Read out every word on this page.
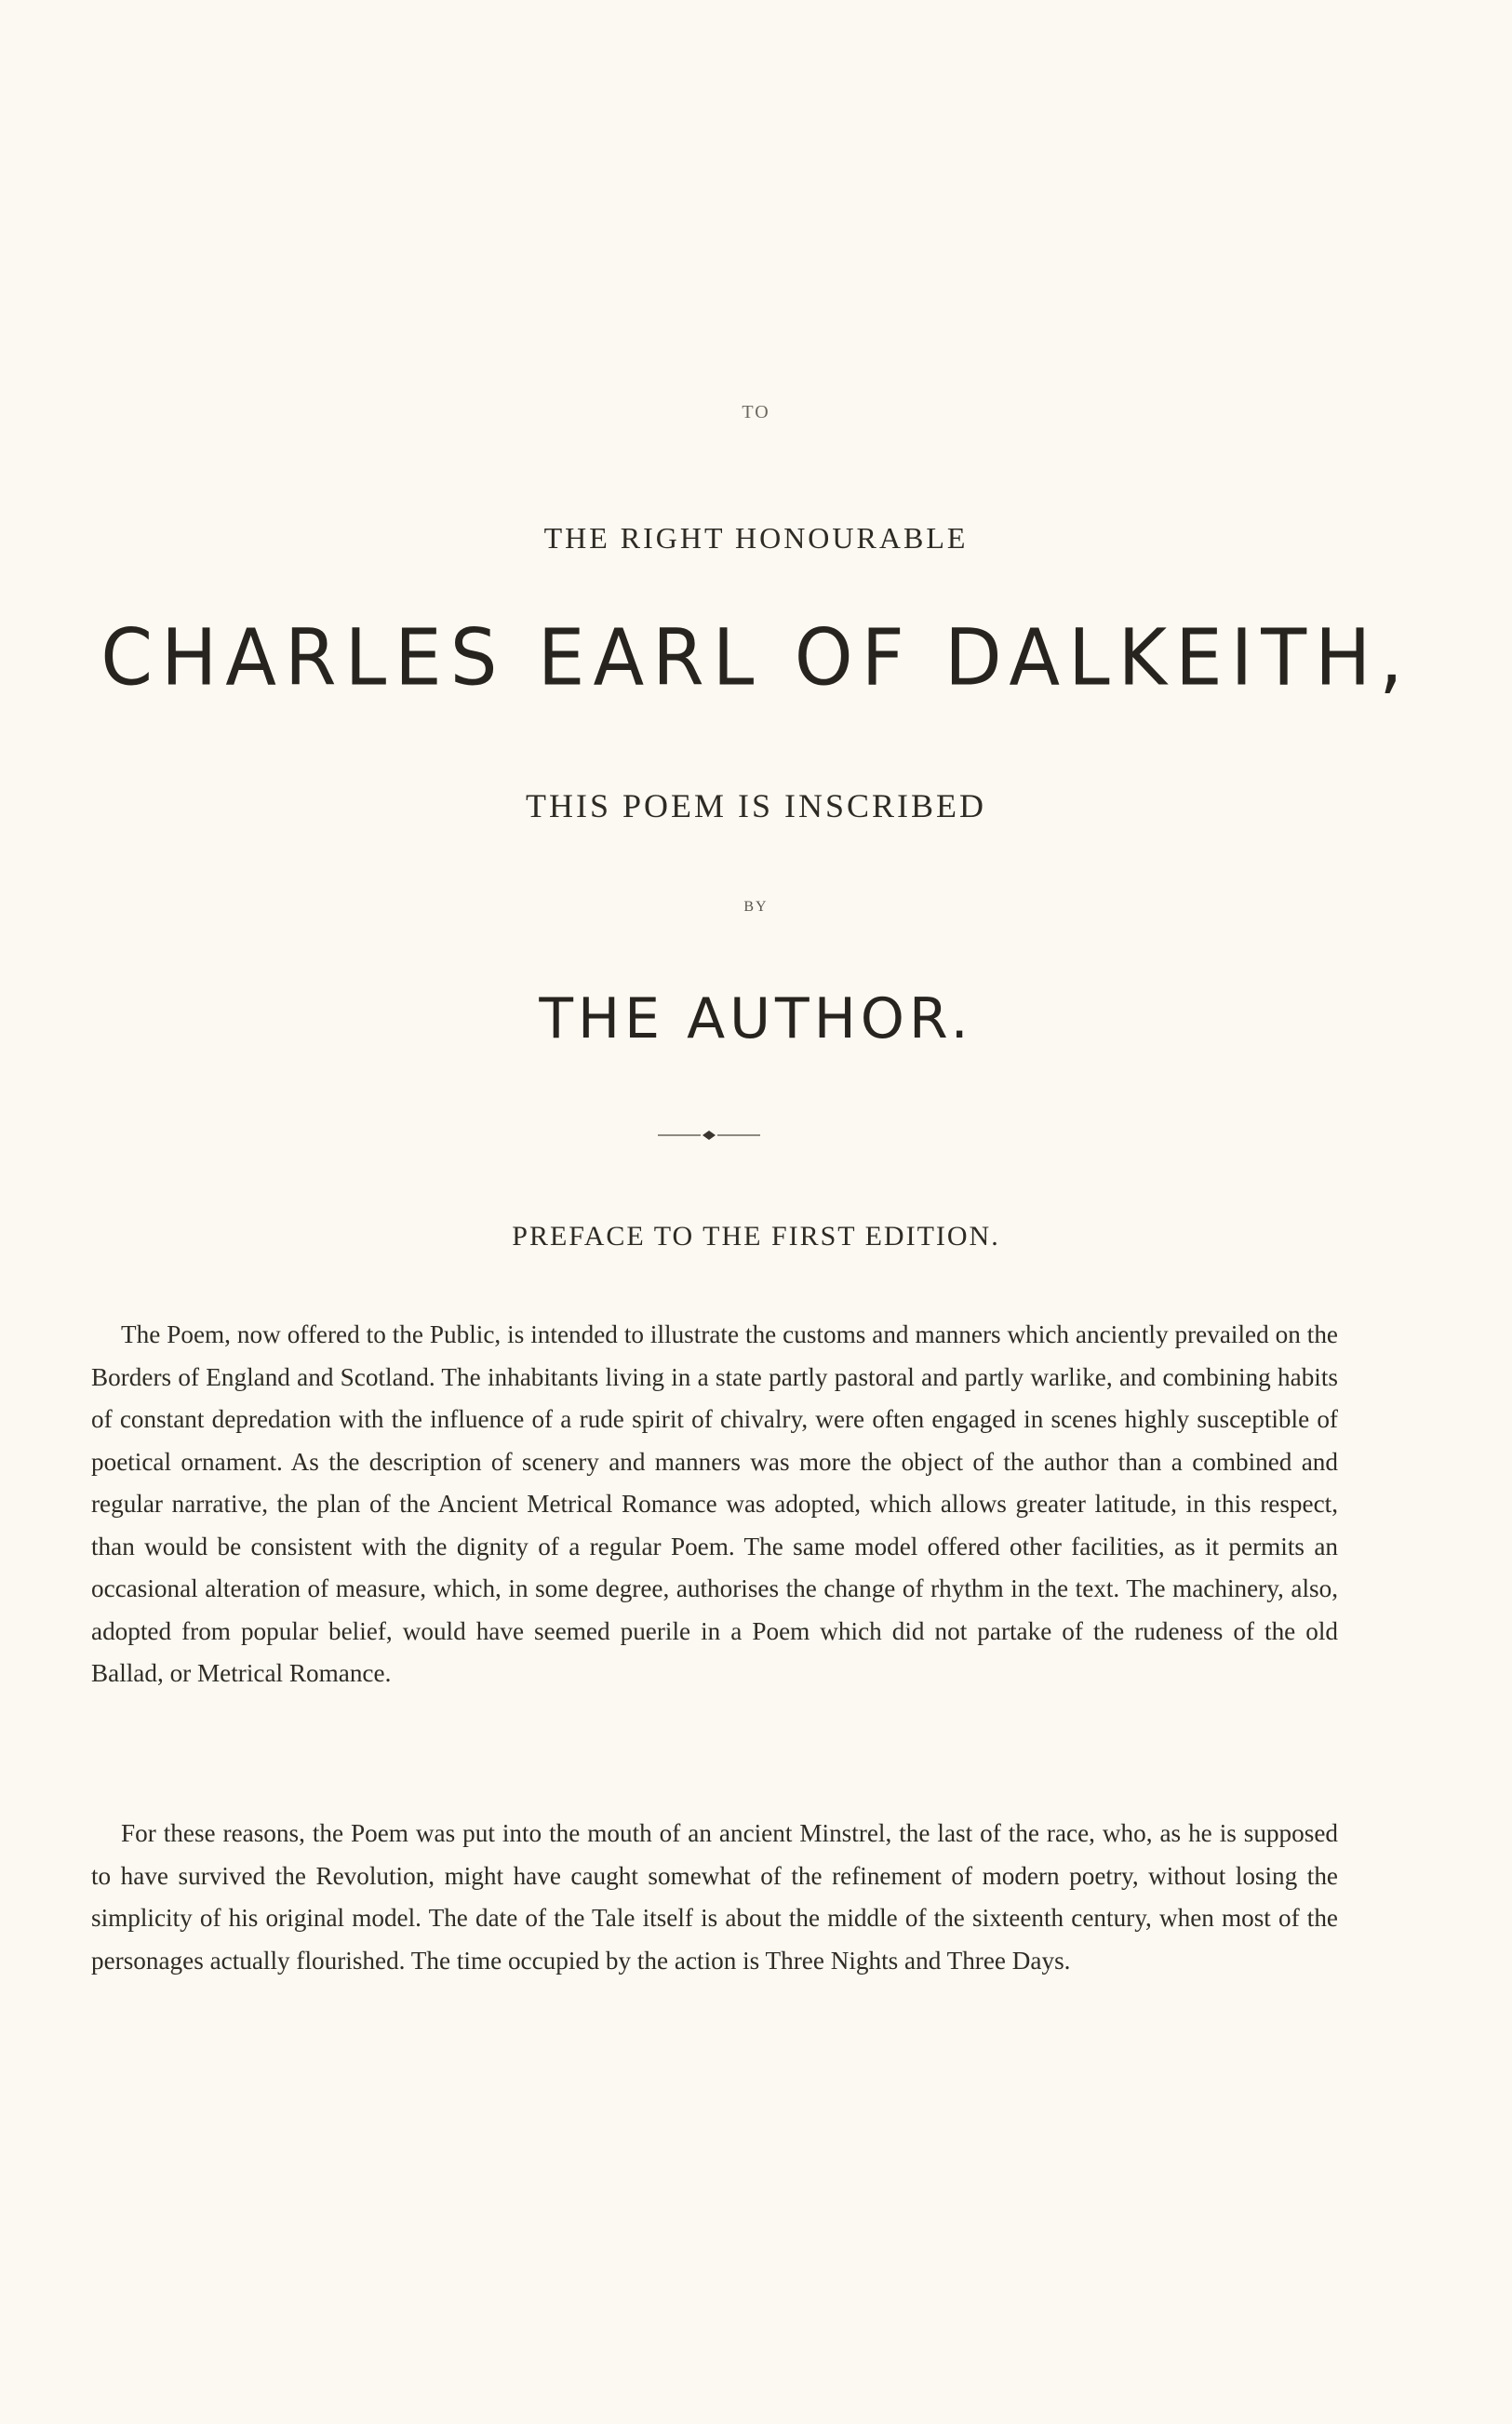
TO
THE RIGHT HONOURABLE
CHARLES EARL OF DALKEITH,
THIS POEM IS INSCRIBED
BY
THE AUTHOR.
PREFACE TO THE FIRST EDITION.

The Poem, now offered to the Public, is intended to illustrate the customs and manners which anciently prevailed on the Borders of England and Scotland. The inhabitants living in a state partly pastoral and partly warlike, and combining habits of constant depredation with the influence of a rude spirit of chivalry, were often engaged in scenes highly susceptible of poetical ornament. As the description of scenery and manners was more the object of the author than a combined and regular narrative, the plan of the Ancient Metrical Romance was adopted, which allows greater latitude, in this respect, than would be consistent with the dignity of a regular Poem. The same model offered other facilities, as it permits an occasional alteration of measure, which, in some degree, authorises the change of rhythm in the text. The machinery, also, adopted from popular belief, would have seemed puerile in a Poem which did not partake of the rudeness of the old Ballad, or Metrical Romance.

For these reasons, the Poem was put into the mouth of an ancient Minstrel, the last of the race, who, as he is supposed to have survived the Revolution, might have caught somewhat of the refinement of modern poetry, without losing the simplicity of his original model. The date of the Tale itself is about the middle of the sixteenth century, when most of the personages actually flourished. The time occupied by the action is Three Nights and Three Days.
